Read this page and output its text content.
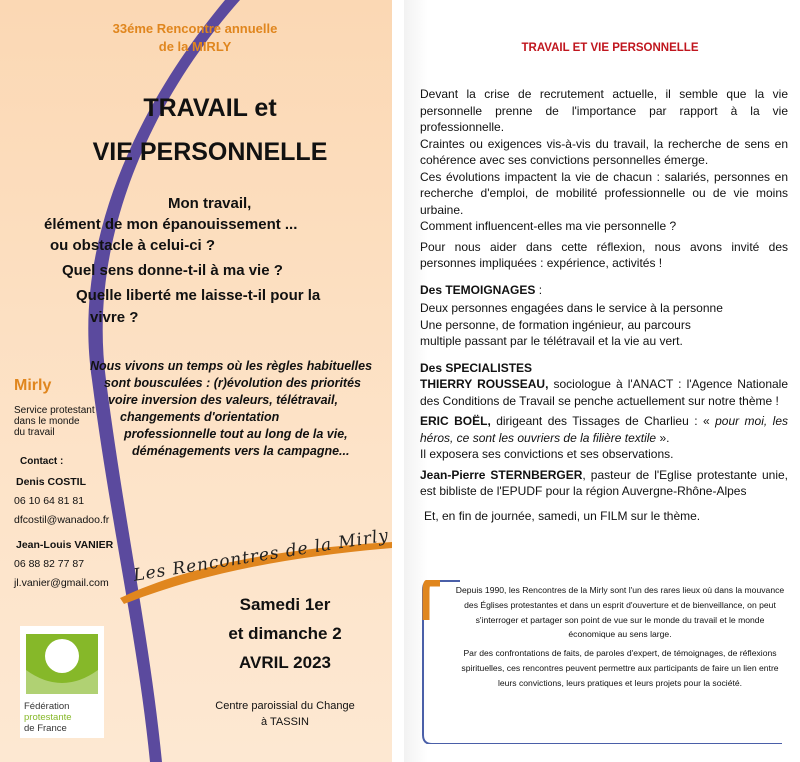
33éme Rencontre annuelle
de la MIRLY
TRAVAIL et
VIE PERSONNELLE
Mon travail,
élément de mon épanouissement ...
ou obstacle à celui-ci ?
Quel sens donne-t-il à ma vie ?
Quelle liberté me laisse-t-il pour la
vivre ?
Nous vivons un temps où les règles habituelles
sont bousculées : (r)évolution des priorités
voire inversion des valeurs, télétravail,
changements d'orientation
professionnelle tout au long de la vie,
déménagements vers la campagne...
Mirly
Service protestant
dans le monde
du travail
Contact :
Denis COSTIL
06 10 64 81 81
dfcostil@wanadoo.fr
Jean-Louis VANIER
06 88 82 77 87
jl.vanier@gmail.com Les Rencontres de la Mirly
Fédération
protestante
de France
Samedi 1er
et dimanche 2
AVRIL 2023
Centre paroissial du Change
à TASSIN
TRAVAIL ET VIE PERSONNELLE

Devant la crise de recrutement actuelle, il semble que la vie personnelle prenne de l'importance par rapport à la vie professionnelle.

Craintes ou exigences vis-à-vis du travail, la recherche de sens en cohérence avec ses convictions personnelles émerge.

Ces évolutions impactent la vie de chacun : salariés, personnes en recherche d'emploi, de mobilité professionnelle ou de vie moins urbaine.

Comment influencent-elles ma vie personnelle ?

Pour nous aider dans cette réflexion, nous avons invité des personnes impliquées : expérience, activités !

Des TEMOIGNAGES :

Deux personnes engagées dans le service à la personne

Une personne, de formation ingénieur, au parcours

multiple passant par le télétravail et la vie au vert.

Des SPECIALISTES

THIERRY ROUSSEAU, sociologue à l'ANACT : l'Agence Nationale des Conditions de Travail se penche actuellement sur notre thème !

ERIC BOËL, dirigeant des Tissages de Charlieu : « pour moi, les héros, ce sont les ouvriers de la filière textile ».

Il exposera ses convictions et ses observations.

Jean-Pierre STERNBERGER, pasteur de l'Eglise protestante unie, est bibliste de l'EPUDF pour la région Auvergne-Rhône-Alpes

Et, en fin de journée, samedi, un FILM sur le thème.

Depuis 1990, les Rencontres de la Mirly sont l'un des rares lieux où dans la mouvance des Églises protestantes et dans un esprit d'ouverture et de bienveillance, on peut s'interroger et partager son point de vue sur le monde du travail et le monde économique au sens large.

Par des confrontations de faits, de paroles d'expert, de témoignages, de réflexions spirituelles, ces rencontres peuvent permettre aux participants de faire un lien entre leurs convictions, leurs pratiques et leurs projets pour la société.
